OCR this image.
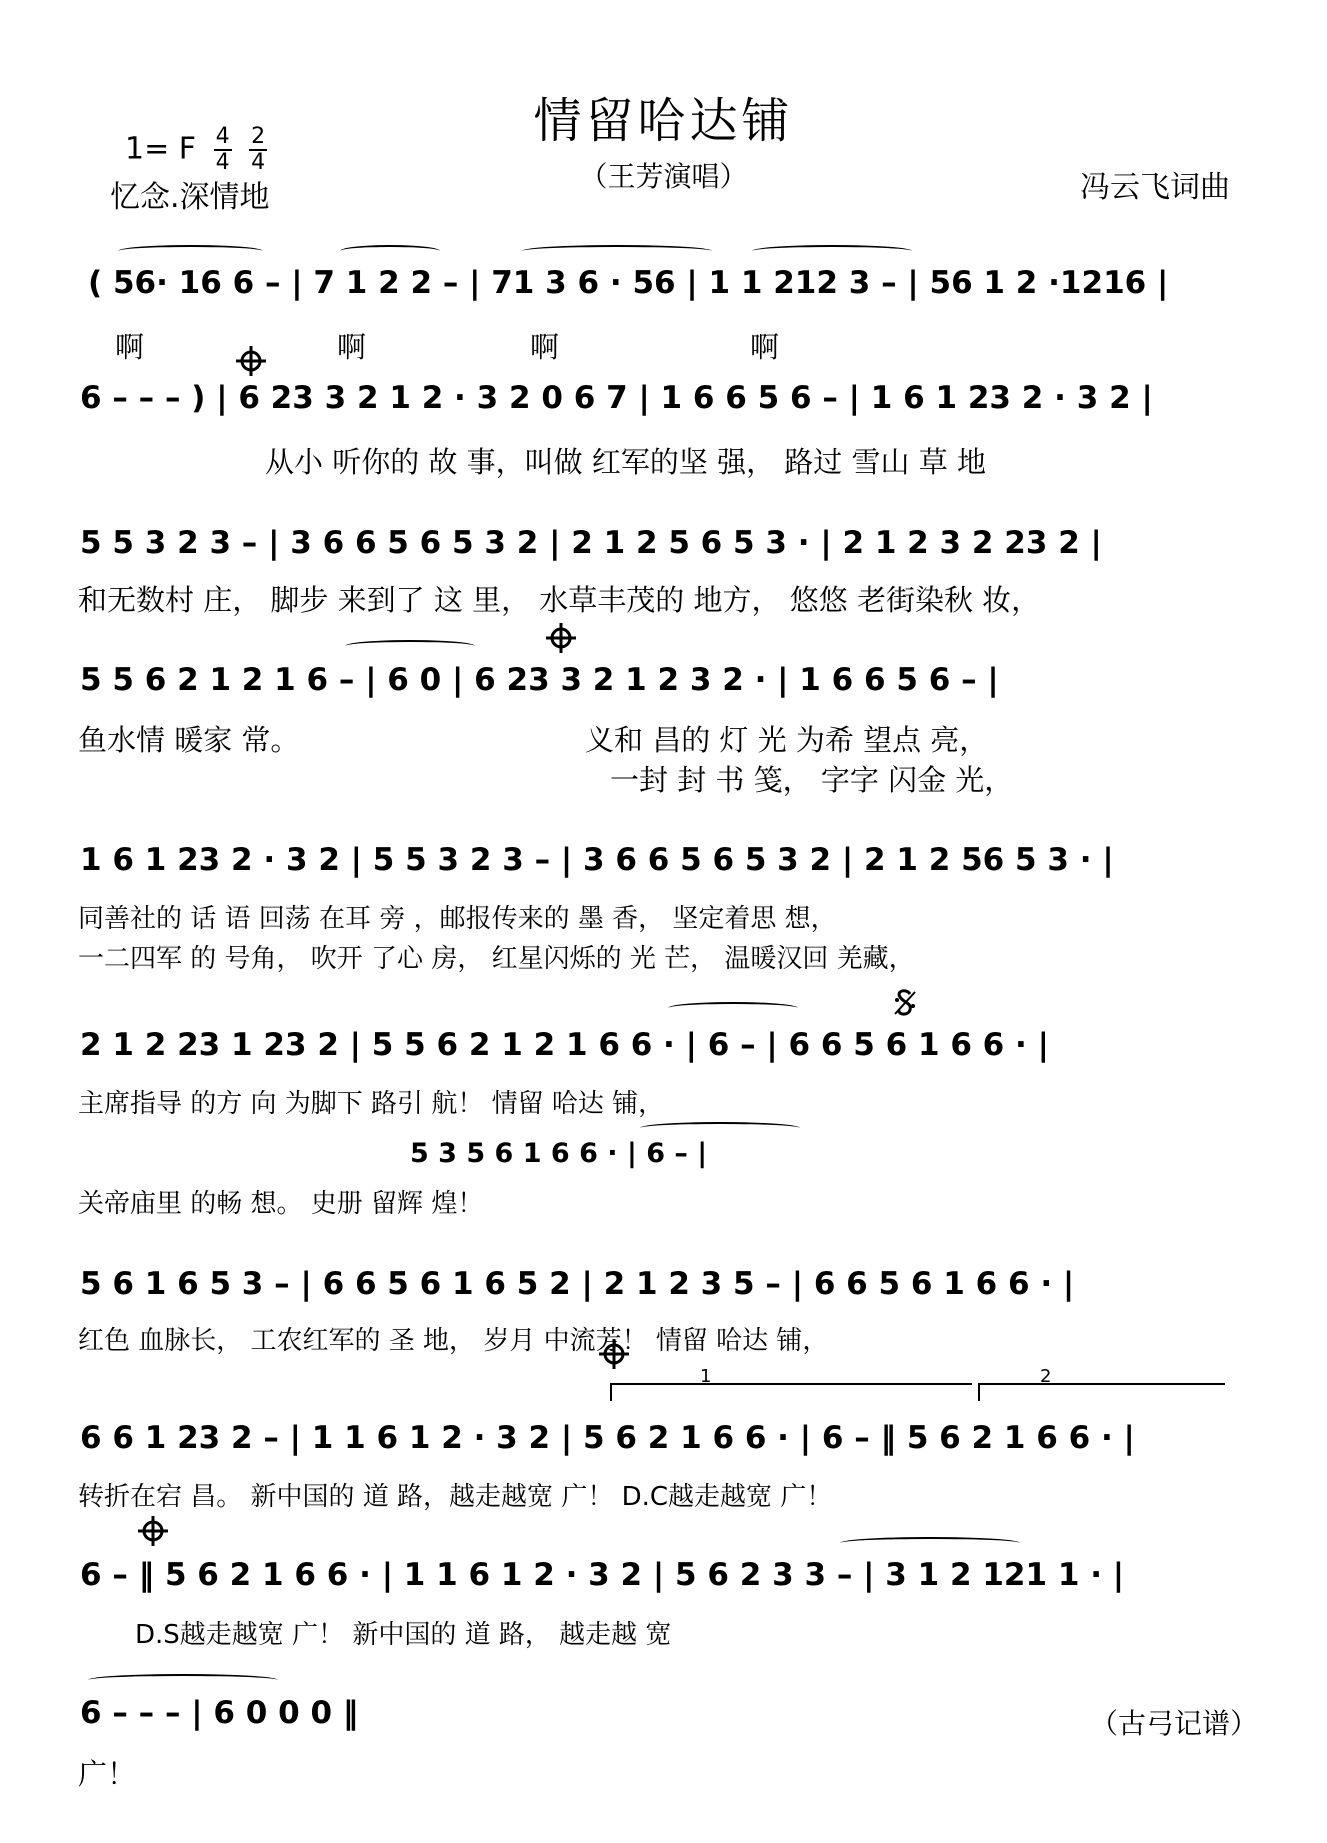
情留哈达铺
（王芳演唱）
1= F $\frac{4}{4}$
$\frac{2}{4}$
忆念.深情地	冯云飞词曲
( 56· 16 6 – | 7 1 2 2 – | 71 3 6 · 56 | 1 1 212 3 – | 56 1 2 ·1216 |
啊	啊	啊	啊
6 – – – ) | 6 23 3 2 1 2 · 3 2 0 6 7 | 1 6 6 5 6 – | 1 6 1 23 2 · 3 2 |
从小 听你的 故 事，叫做 红军的坚 强， 路过 雪山 草 地
5 5 3 2 3 – | 3 6 6 5 6 5 3 2 | 2 1 2 5 6 5 3 · | 2 1 2 3 2 23 2 |
和无数村 庄， 脚步 来到了 这 里， 水草丰茂的 地方， 悠悠 老街染秋 妆，
5 5 6 2 1 2 1 6 – | 6 0 | 6 23 3 2 1 2 3 2 · | 1 6 6 5 6 – |
鱼水情 暖家 常。	义和 昌的 灯 光 为希 望点 亮，
一封 封 书 笺， 字字 闪金 光，
1 6 1 23 2 · 3 2 | 5 5 3 2 3 – | 3 6 6 5 6 5 3 2 | 2 1 2 56 5 3 · |
同善社的 话 语 回荡 在耳 旁 ，邮报传来的 墨 香， 坚定着思 想，
一二四军 的 号角， 吹开 了心 房， 红星闪烁的 光 芒， 温暖汉回 羌藏，
2 1 2 23 1 23 2 | 5 5 6 2 1 2 1 6 6 · | 6 – | 6 6 5 6 1 6 6 · |
主席指导 的方 向 为脚下 路引 航！ 情留 哈达 铺，
5 3 5 6 1 6 6 · | 6 – |
关帝庙里 的畅 想。 史册 留辉 煌！
5 6 1 6 5 3 – | 6 6 5 6 1 6 5 2 | 2 1 2 3 5 – | 6 6 5 6 1 6 6 · |
红色 血脉长， 工农红军的 圣 地， 岁月 中流芳！ 情留 哈达 铺，
1	2
6 6 1 23 2 – | 1 1 6 1 2 · 3 2 | 5 6 2 1 6 6 · | 6 – ‖ 5 6 2 1 6 6 · |
转折在宕 昌。 新中国的 道 路，越走越宽 广！ D.C越走越宽 广！
6 – ‖ 5 6 2 1 6 6 · | 1 1 6 1 2 · 3 2 | 5 6 2 3 3 – | 3 1 2 121 1 · |
D.S越走越宽 广！ 新中国的 道 路， 越走越 宽
6 – – – | 6 0 0 0 ‖
广！
（古弓记谱）
